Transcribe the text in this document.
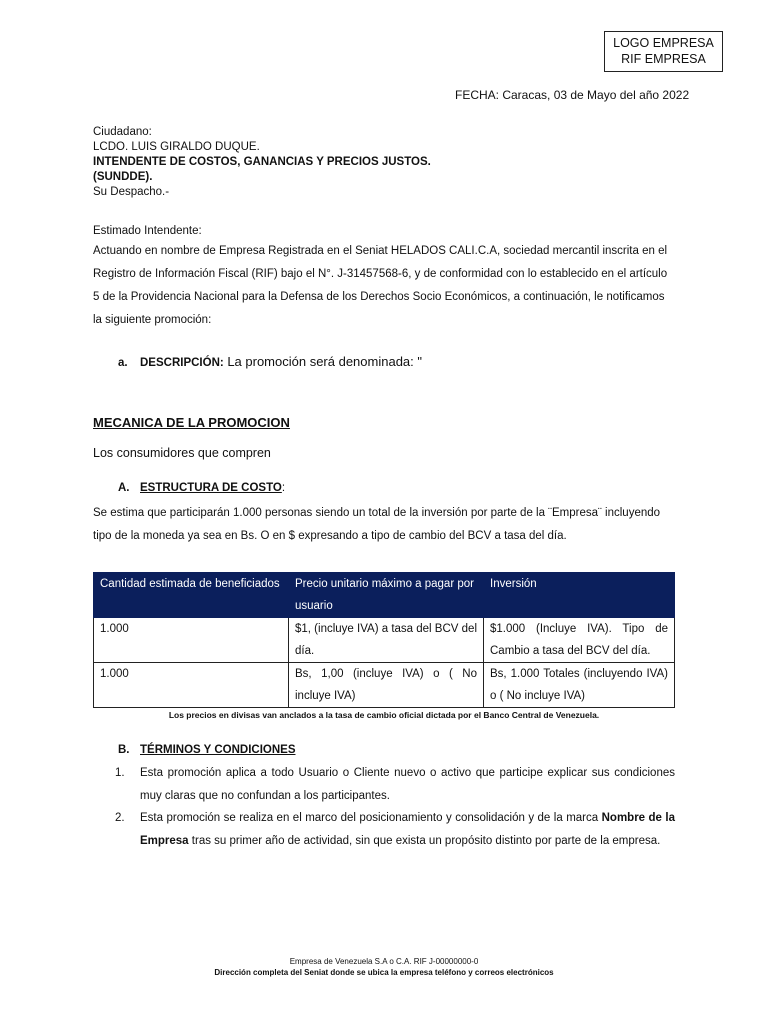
LOGO EMPRESA
RIF EMPRESA
FECHA: Caracas, 03 de Mayo del año 2022
Ciudadano:
LCDO. LUIS GIRALDO DUQUE.
INTENDENTE DE COSTOS, GANANCIAS Y PRECIOS JUSTOS.
(SUNDDE).
Su Despacho.-
Estimado Intendente:
Actuando en nombre de Empresa Registrada en el Seniat HELADOS CALI.C.A, sociedad mercantil inscrita en el Registro de Información Fiscal (RIF) bajo el N°. J-31457568-6, y de conformidad con lo establecido en el artículo 5 de la Providencia Nacional para la Defensa de los Derechos Socio Económicos, a continuación, le notificamos la siguiente promoción:
a. DESCRIPCIÓN: La promoción será denominada: "
MECANICA DE LA PROMOCION
Los consumidores que compren
A. ESTRUCTURA DE COSTO:
Se estima que participarán 1.000 personas siendo un total de la inversión por parte de la ¨Empresa¨ incluyendo tipo de la moneda ya sea en Bs. O en $ expresando a tipo de cambio del BCV a tasa del día.
Cantidad estimada de beneficiados	Precio unitario máximo a pagar por usuario	Inversión
1.000	$1, (incluye IVA) a tasa del BCV del día.	$1.000 (Incluye IVA). Tipo de Cambio a tasa del BCV del día.
1.000	Bs, 1,00 (incluye IVA) o ( No incluye IVA)	Bs, 1.000 Totales (incluyendo IVA) o ( No incluye IVA)
Los precios en divisas van anclados a la tasa de cambio oficial dictada por el Banco Central de Venezuela.
B. TÉRMINOS Y CONDICIONES
1. Esta promoción aplica a todo Usuario o Cliente nuevo o activo que participe explicar sus condiciones muy claras que no confundan a los participantes.
2. Esta promoción se realiza en el marco del posicionamiento y consolidación y de la marca Nombre de la Empresa tras su primer año de actividad, sin que exista un propósito distinto por parte de la empresa.
Empresa de Venezuela S.A o C.A. RIF J-00000000-0
Dirección completa del Seniat donde se ubica la empresa teléfono y correos electrónicos
